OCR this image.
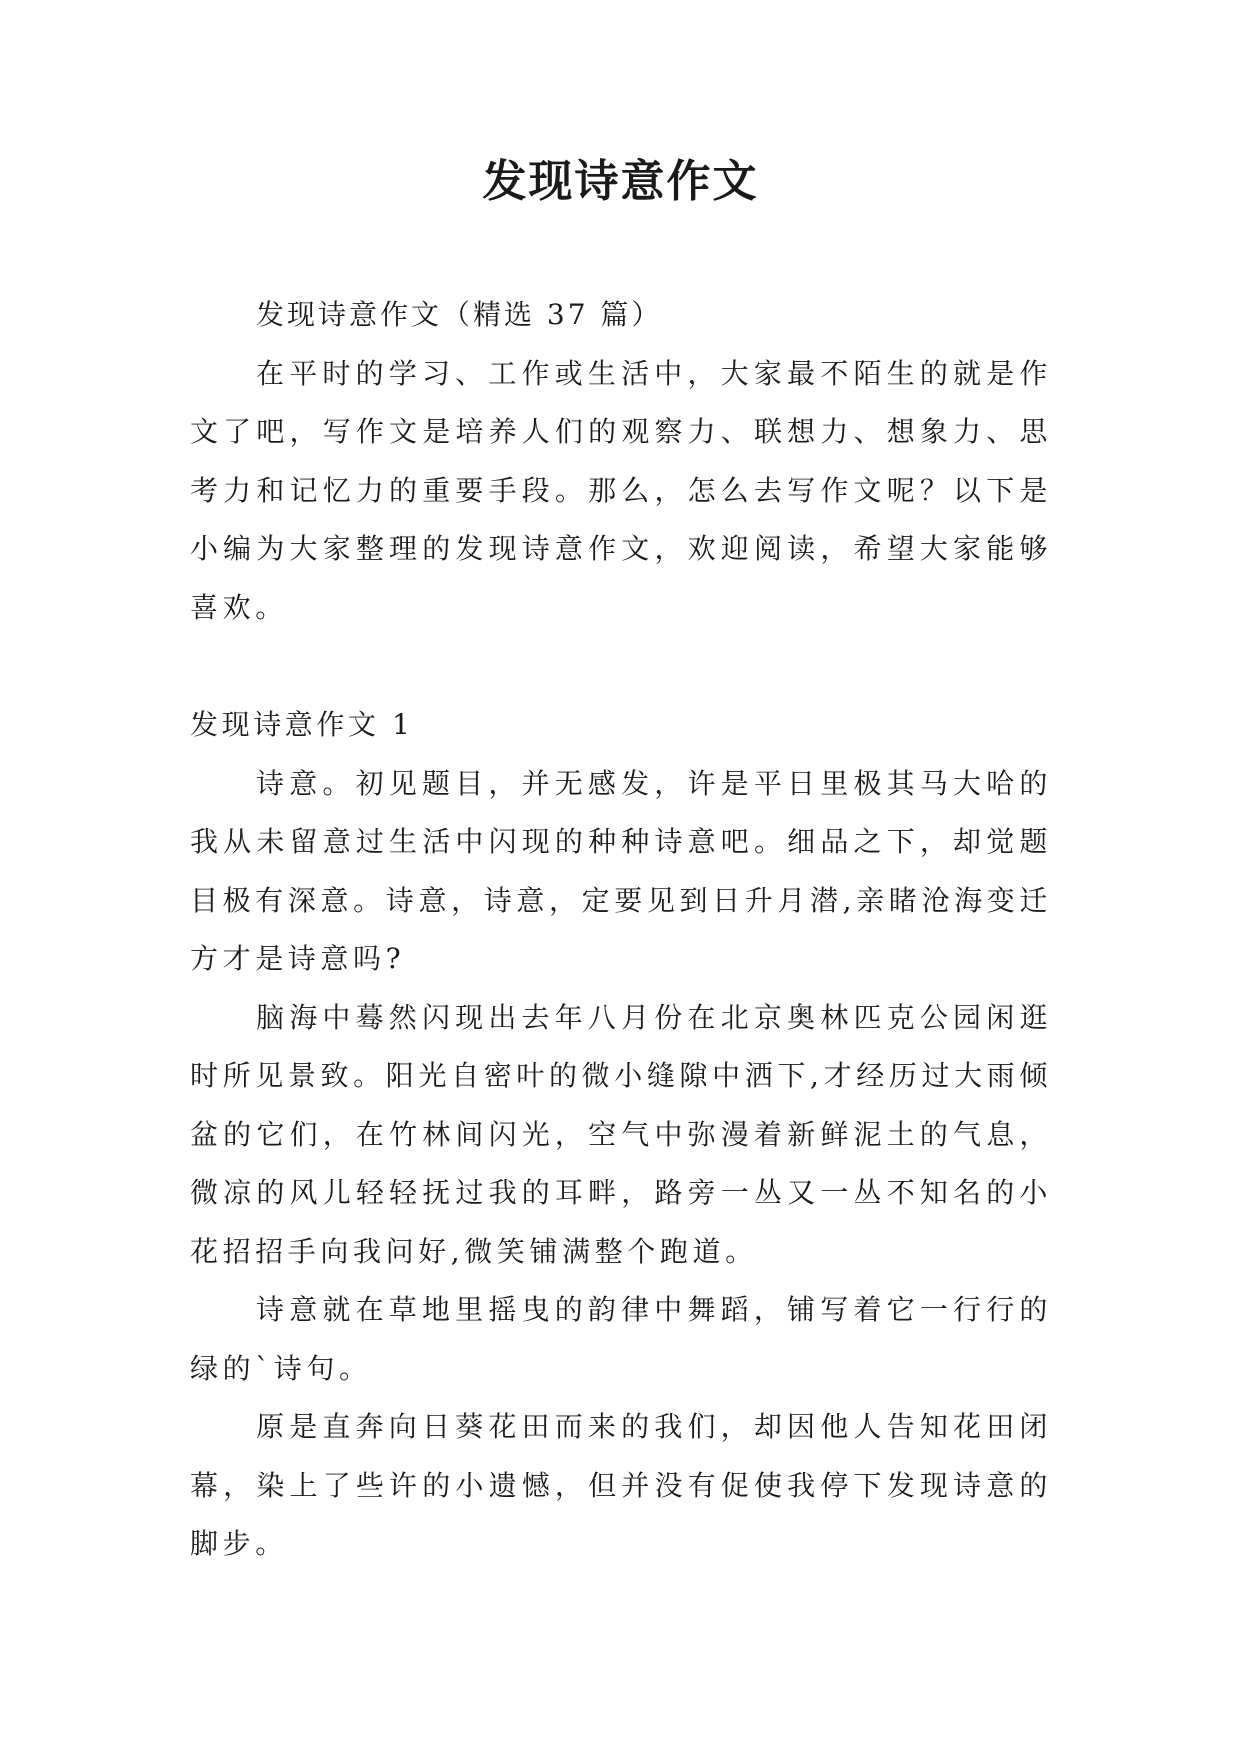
发现诗意作文

发现诗意作文（精选 37 篇）

在平时的学习、工作或生活中，大家最不陌生的就是作文了吧，写作文是培养人们的观察力、联想力、想象力、思考力和记忆力的重要手段。那么，怎么去写作文呢？以下是小编为大家整理的发现诗意作文，欢迎阅读，希望大家能够喜欢。

发现诗意作文 1

诗意。初见题目，并无感发，许是平日里极其马大哈的我从未留意过生活中闪现的种种诗意吧。细品之下，却觉题目极有深意。诗意，诗意，定要见到日升月潜,亲睹沧海变迁方才是诗意吗?

脑海中蓦然闪现出去年八月份在北京奥林匹克公园闲逛时所见景致。阳光自密叶的微小缝隙中洒下,才经历过大雨倾盆的它们，在竹林间闪光，空气中弥漫着新鲜泥土的气息，微凉的风儿轻轻抚过我的耳畔，路旁一丛又一丛不知名的小花招招手向我问好,微笑铺满整个跑道。

诗意就在草地里摇曳的韵律中舞蹈，铺写着它一行行的绿的`诗句。

原是直奔向日葵花田而来的我们，却因他人告知花田闭幕，染上了些许的小遗憾，但并没有促使我停下发现诗意的脚步。
